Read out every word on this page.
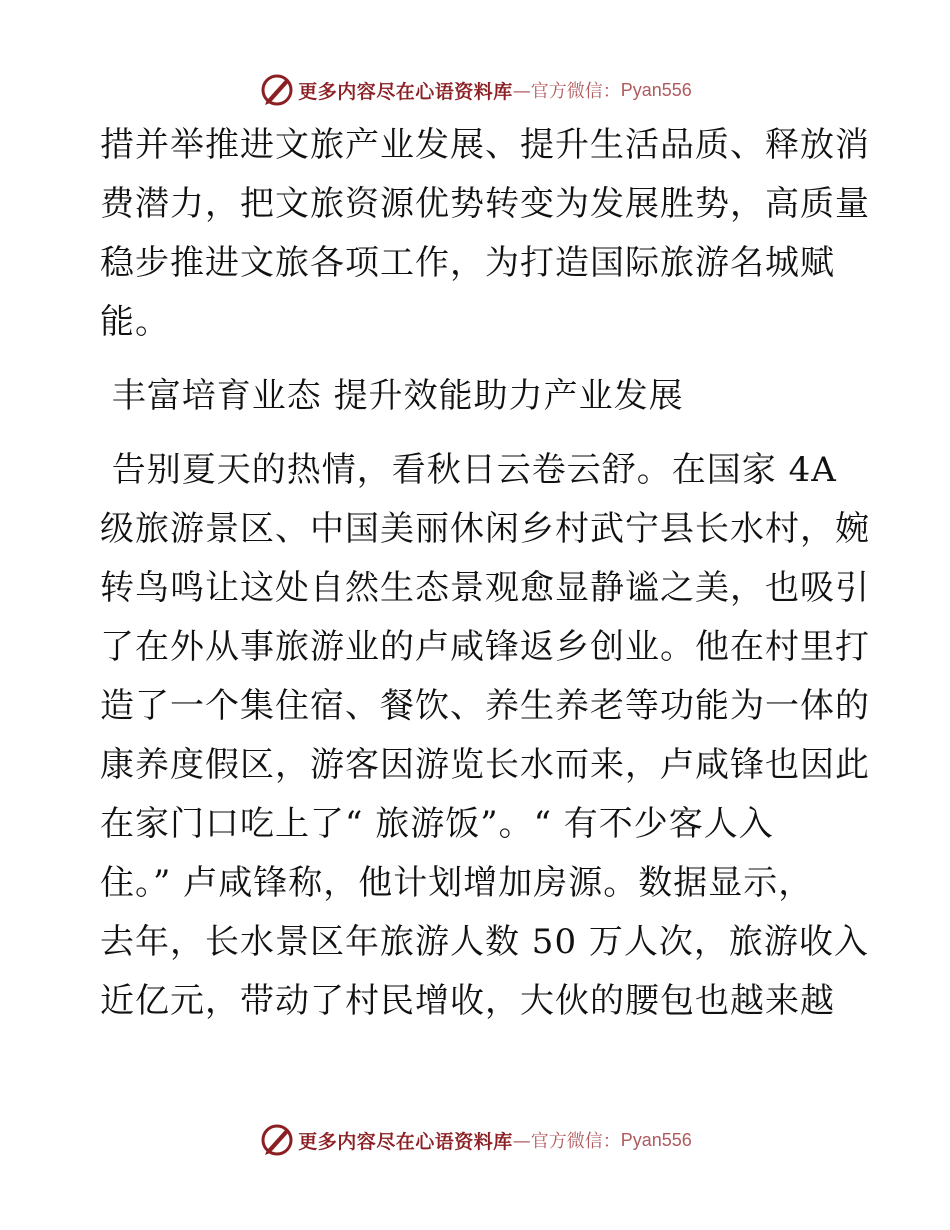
更多内容尽在心语资料库 —官方微信： Pyan556
措并举推进文旅产业发展、提升生活品质、释放消
费潜力，把文旅资源优势转变为发展胜势，高质量
稳步推进文旅各项工作，为打造国际旅游名城赋
能。
丰富培育业态 提升效能助力产业发展
告别夏天的热情，看秋日云卷云舒。在国家 4A
级旅游景区、中国美丽休闲乡村武宁县长水村，婉
转鸟鸣让这处自然生态景观愈显静谧之美，也吸引
了在外从事旅游业的卢咸锋返乡创业。他在村里打
造了一个集住宿、餐饮、养生养老等功能为一体的
康养度假区，游客因游览长水而来，卢咸锋也因此
在家门口吃上了“ 旅游饭”。“ 有不少客人入
住。” 卢咸锋称，他计划增加房源。数据显示，
去年，长水景区年旅游人数 50 万人次，旅游收入
近亿元，带动了村民增收，大伙的腰包也越来越
更多内容尽在心语资料库 —官方微信： Pyan556
